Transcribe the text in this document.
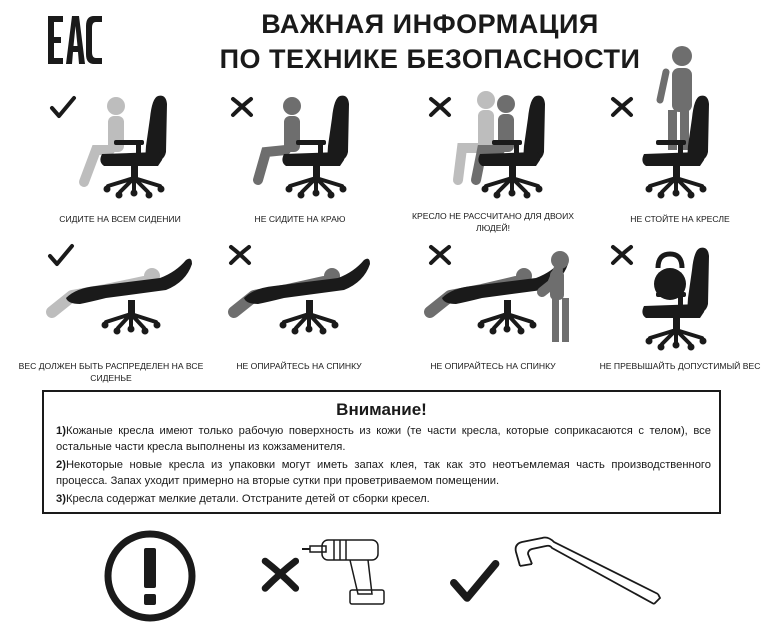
ВАЖНАЯ ИНФОРМАЦИЯ
ПО ТЕХНИКЕ БЕЗОПАСНОСТИ
СИДИТЕ НА ВСЕМ СИДЕНИИ	НЕ СИДИТЕ НА КРАЮ	КРЕСЛО НЕ РАССЧИТАНО ДЛЯ ДВОИХ ЛЮДЕЙ!
НЕ СТОЙТЕ НА КРЕСЛЕ
ВЕС ДОЛЖЕН БЫТЬ РАСПРЕДЕЛЕН НА ВСЕ СИДЕНЬЕ
НЕ ОПИРАЙТЕСЬ НА СПИНКУ	НЕ ОПИРАЙТЕСЬ НА СПИНКУ	НЕ ПРЕВЫШАЙТЬ ДОПУСТИМЫЙ ВЕС
Внимание!
1)Кожаные кресла имеют только рабочую поверхность из кожи (те части кресла, которые соприкасаются с телом), все остальные части кресла выполнены из кожзаменителя.
2)Некоторые новые кресла из упаковки могут иметь запах клея, так как это неотъемлемая часть производственного процесса. Запах уходит примерно на вторые сутки при проветриваемом помещении.
3)Кресла содержат мелкие детали. Отстраните детей от сборки кресел.
